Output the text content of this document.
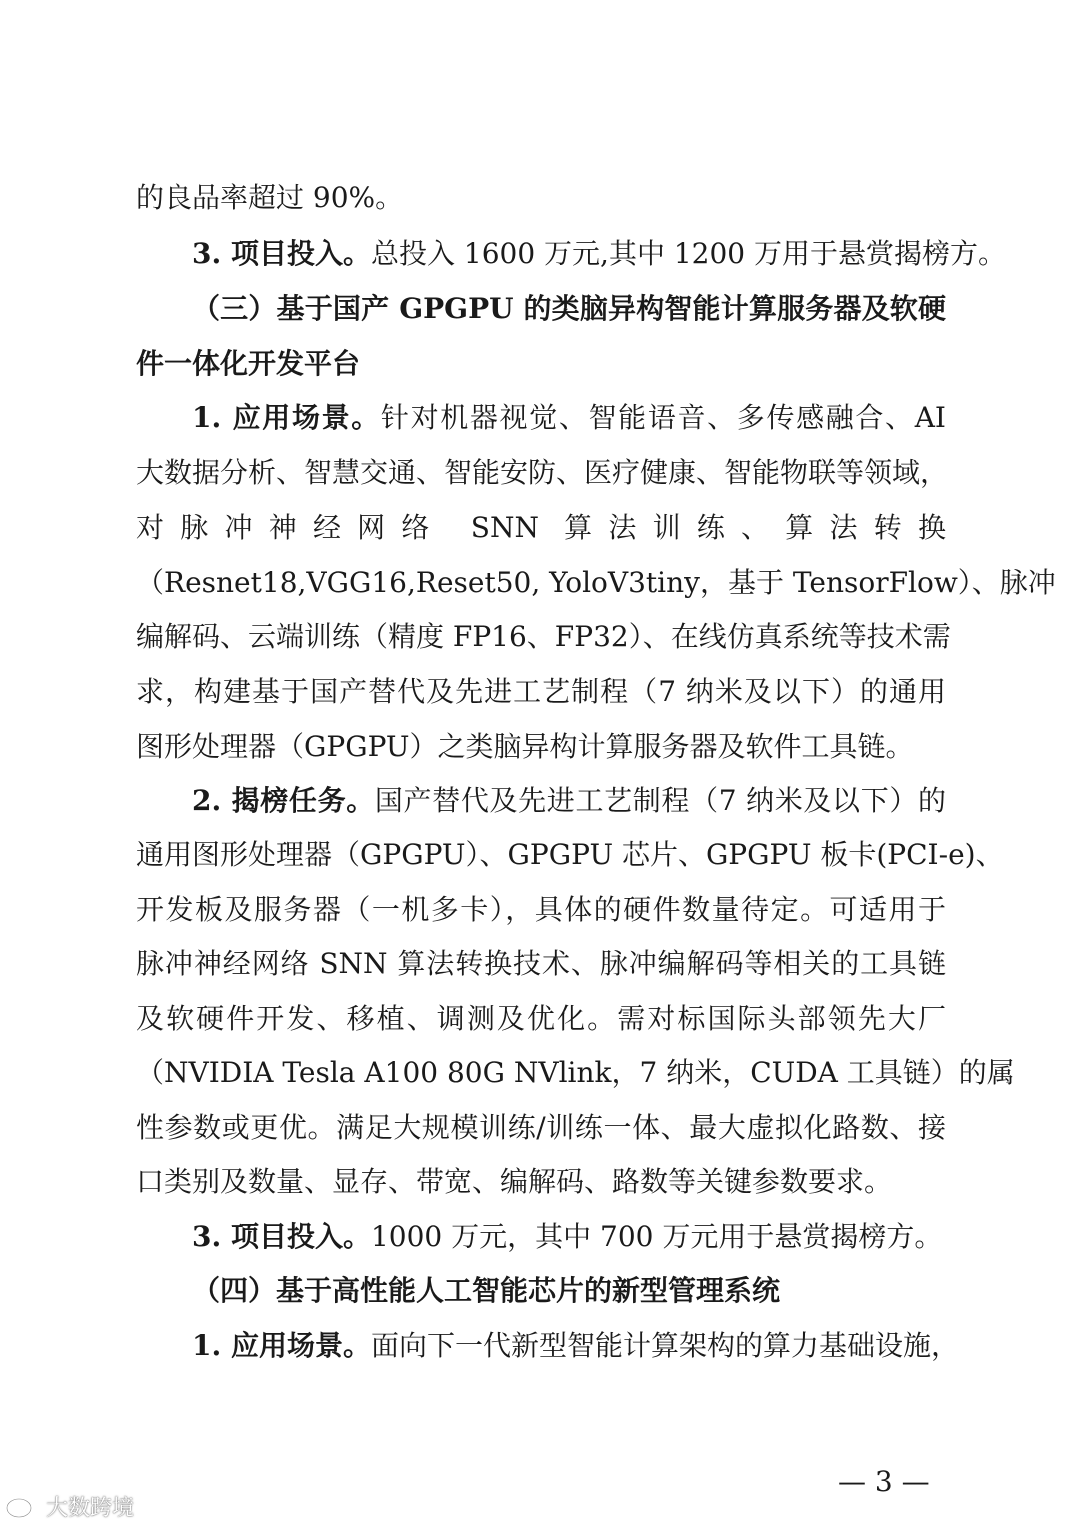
的良品率超过 90%。
3. 项目投入。总投入 1600 万元,其中 1200 万用于悬赏揭榜方。
（三）基于国产 GPGPU 的类脑异构智能计算服务器及软硬
件一体化开发平台
1. 应用场景。针对机器视觉、智能语音、多传感融合、AI
大数据分析、智慧交通、智能安防、医疗健康、智能物联等领域，
对脉冲神经网络 SNN 算法训练、算法转换
（Resnet18,VGG16,Reset50, YoloV3tiny，基于 TensorFlow）、脉冲
编解码、云端训练（精度 FP16、FP32）、在线仿真系统等技术需
求，构建基于国产替代及先进工艺制程（7 纳米及以下）的通用
图形处理器（GPGPU）之类脑异构计算服务器及软件工具链。
2. 揭榜任务。国产替代及先进工艺制程（7 纳米及以下）的
通用图形处理器（GPGPU）、GPGPU 芯片、GPGPU 板卡(PCI-e)、
开发板及服务器（一机多卡），具体的硬件数量待定。可适用于
脉冲神经网络 SNN 算法转换技术、脉冲编解码等相关的工具链
及软硬件开发、移植、调测及优化。需对标国际头部领先大厂
（NVIDIA Tesla A100 80G NVlink，7 纳米，CUDA 工具链）的属
性参数或更优。满足大规模训练/训练一体、最大虚拟化路数、接
口类别及数量、显存、带宽、编解码、路数等关键参数要求。
3. 项目投入。1000 万元，其中 700 万元用于悬赏揭榜方。
（四）基于高性能人工智能芯片的新型管理系统
1. 应用场景。面向下一代新型智能计算架构的算力基础设施，
— 3 —
大数跨境
